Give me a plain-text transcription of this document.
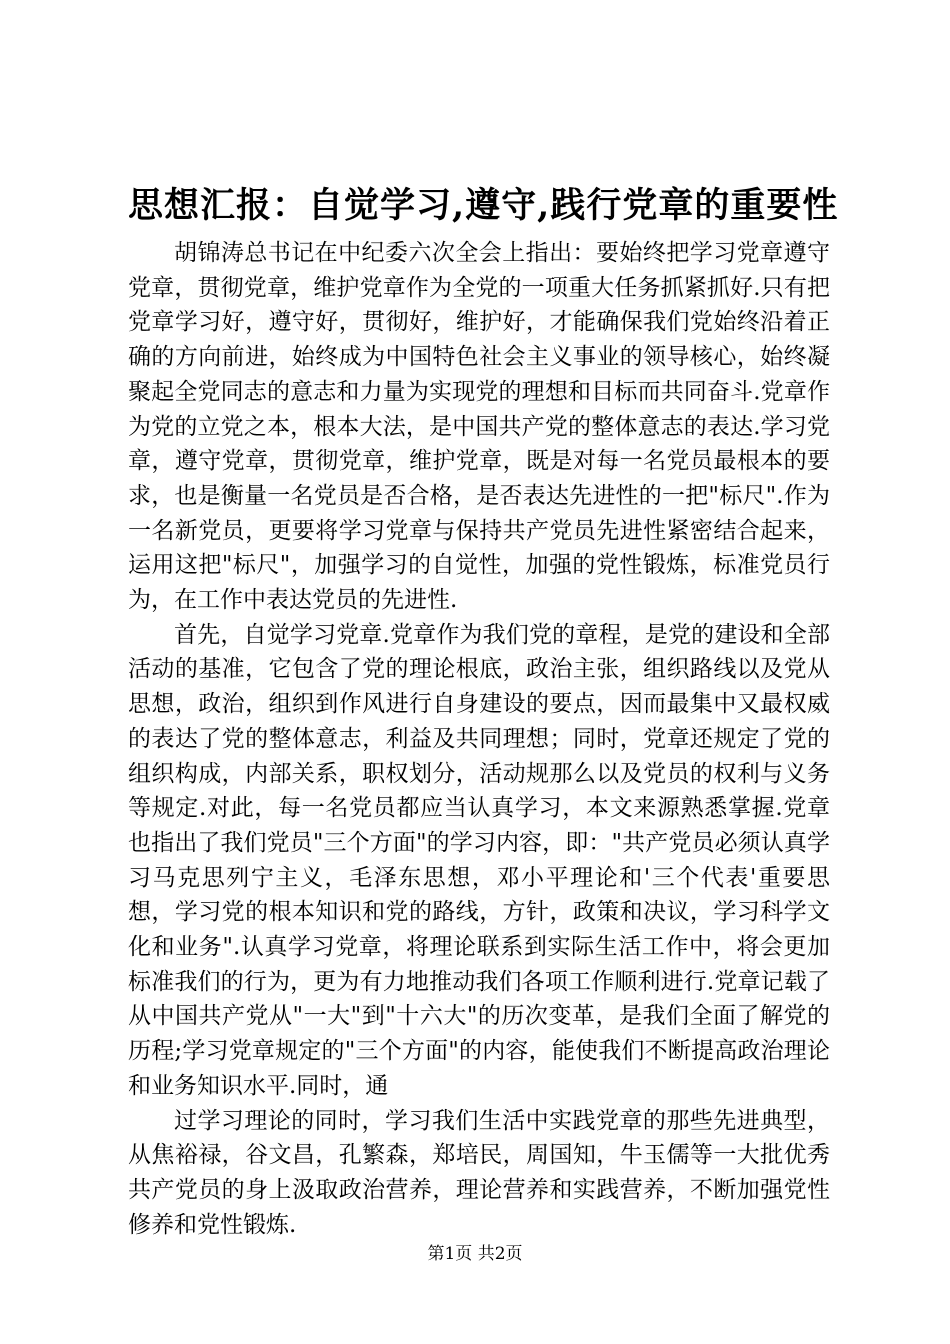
思想汇报：自觉学习,遵守,践行党章的重要性

胡锦涛总书记在中纪委六次全会上指出：要始终把学习党章遵守党章，贯彻党章，维护党章作为全党的一项重大任务抓紧抓好.只有把党章学习好，遵守好，贯彻好，维护好，才能确保我们党始终沿着正确的方向前进，始终成为中国特色社会主义事业的领导核心，始终凝聚起全党同志的意志和力量为实现党的理想和目标而共同奋斗.党章作为党的立党之本，根本大法，是中国共产党的整体意志的表达.学习党章，遵守党章，贯彻党章，维护党章，既是对每一名党员最根本的要求，也是衡量一名党员是否合格，是否表达先进性的一把"标尺".作为一名新党员，更要将学习党章与保持共产党员先进性紧密结合起来，运用这把"标尺"，加强学习的自觉性，加强的党性锻炼，标准党员行为，在工作中表达党员的先进性.

首先，自觉学习党章.党章作为我们党的章程，是党的建设和全部活动的基准，它包含了党的理论根底，政治主张，组织路线以及党从思想，政治，组织到作风进行自身建设的要点，因而最集中又最权威的表达了党的整体意志，利益及共同理想；同时，党章还规定了党的组织构成，内部关系，职权划分，活动规那么以及党员的权利与义务等规定.对此，每一名党员都应当认真学习，本文来源熟悉掌握.党章也指出了我们党员"三个方面"的学习内容，即："共产党员必须认真学习马克思列宁主义，毛泽东思想，邓小平理论和'三个代表'重要思想，学习党的根本知识和党的路线，方针，政策和决议，学习科学文化和业务".认真学习党章，将理论联系到实际生活工作中，将会更加标准我们的行为，更为有力地推动我们各项工作顺利进行.党章记载了从中国共产党从"一大"到"十六大"的历次变革，是我们全面了解党的历程;学习党章规定的"三个方面"的内容，能使我们不断提高政治理论和业务知识水平.同时，通

过学习理论的同时，学习我们生活中实践党章的那些先进典型，从焦裕禄，谷文昌，孔繁森，郑培民，周国知，牛玉儒等一大批优秀共产党员的身上汲取政治营养，理论营养和实践营养，不断加强党性修养和党性锻炼.

第1页 共2页
